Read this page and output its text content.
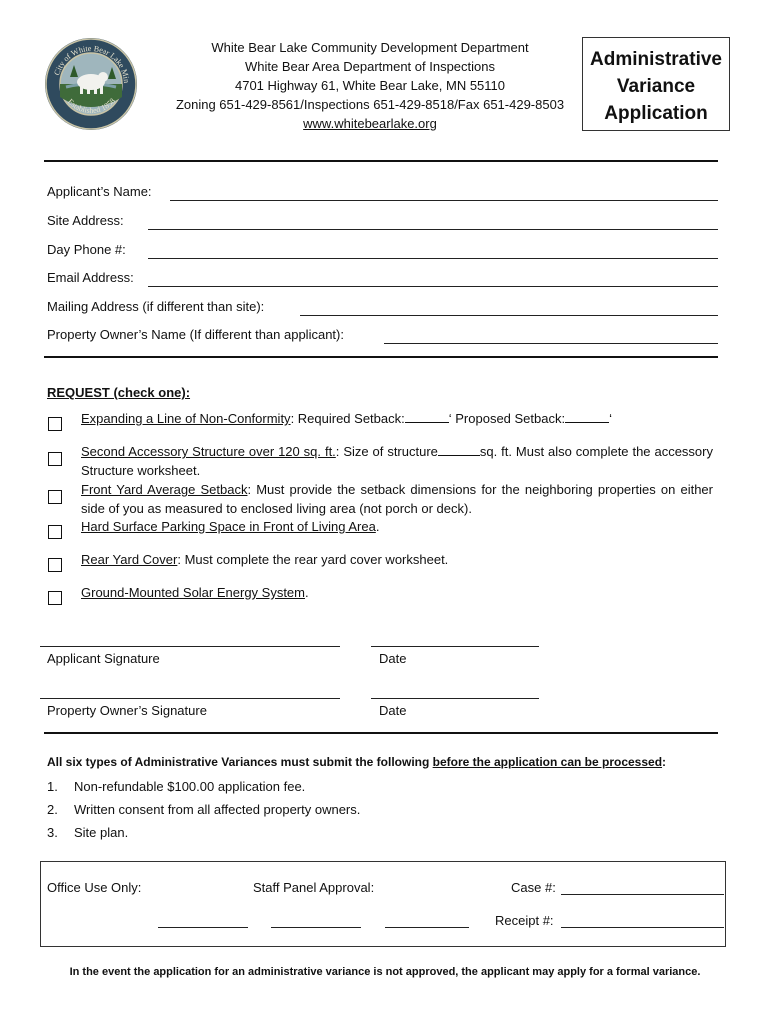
City of White Bear Lake Min
Established 1858
White Bear Lake Community Development Department
White Bear Area Department of Inspections
4701 Highway 61, White Bear Lake, MN 55110
Zoning 651-429-8561/Inspections 651-429-8518/Fax 651-429-8503
www.whitebearlake.org
Administrative
Variance
Application
Applicant’s Name:
Site Address:
Day Phone #:
Email Address:
Mailing Address (if different than site):
Property Owner’s Name (If different than applicant):
REQUEST (check one):
Expanding a Line of Non-Conformity: Required Setback:	‘ Proposed Setback:	‘
Second Accessory Structure over 120 sq. ft.: Size of structure	sq. ft. Must also complete the accessory Structure worksheet.
Front Yard Average Setback: Must provide the setback dimensions for the neighboring properties on either side of you as measured to enclosed living area (not porch or deck).
Hard Surface Parking Space in Front of Living Area.
Rear Yard Cover: Must complete the rear yard cover worksheet.
Ground-Mounted Solar Energy System.
Applicant Signature	Date
Property Owner’s Signature	Date
All six types of Administrative Variances must submit the following before the application can be processed:
1. Non-refundable $100.00 application fee.
2. Written consent from all affected property owners.
3. Site plan.
Office Use Only:	Staff Panel Approval:	Case #:
Receipt #:
In the event the application for an administrative variance is not approved, the applicant may apply for a formal variance.
